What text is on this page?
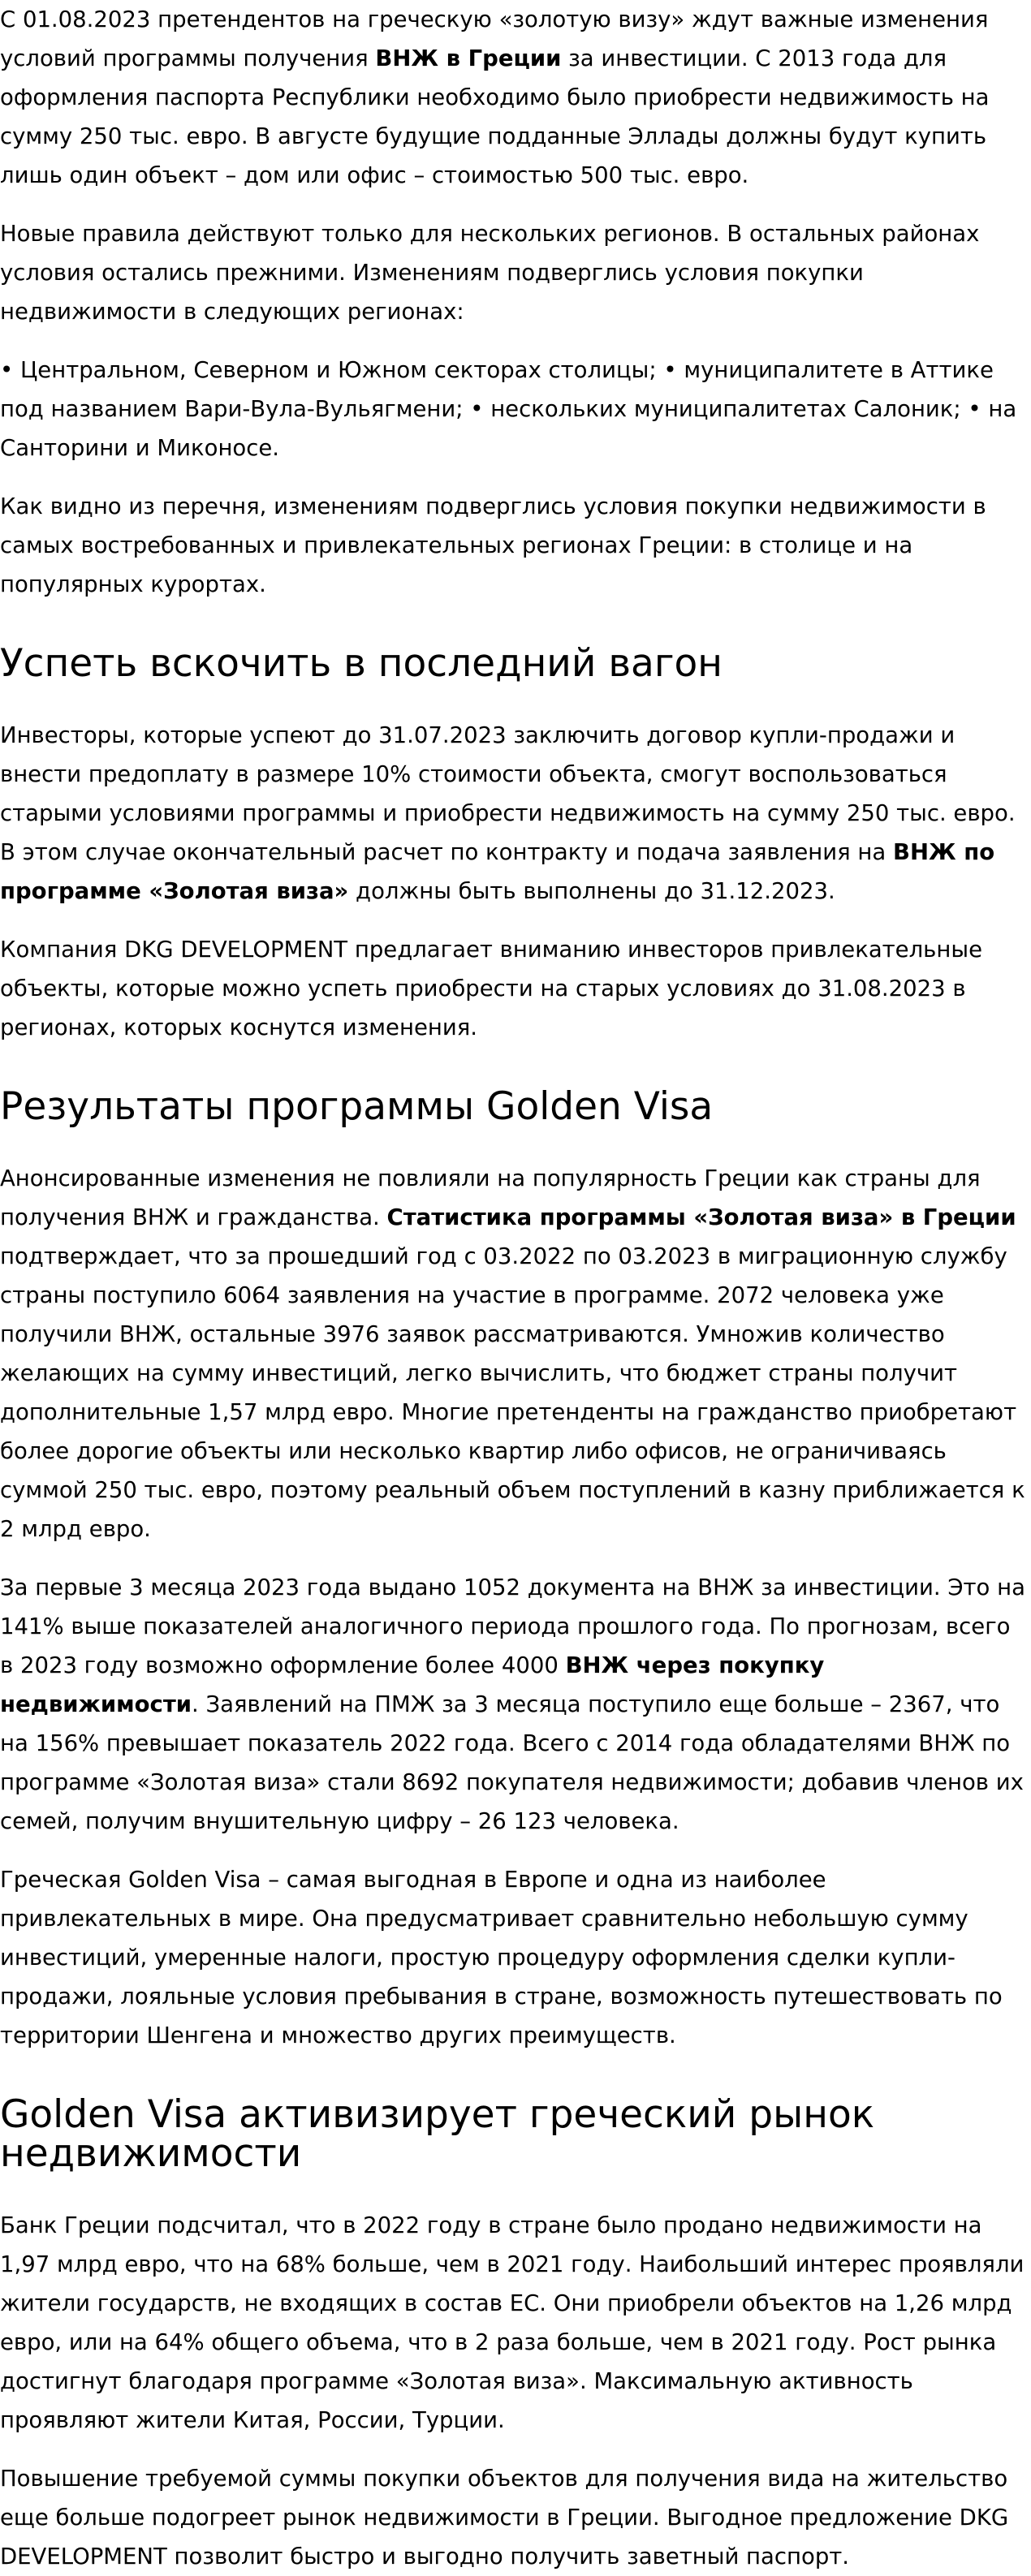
С 01.08.2023 претендентов на греческую «золотую визу» ждут важные изменения условий программы получения ВНЖ в Греции за инвестиции. С 2013 года для оформления паспорта Республики необходимо было приобрести недвижимость на сумму 250 тыс. евро. В августе будущие подданные Эллады должны будут купить лишь один объект – дом или офис – стоимостью 500 тыс. евро.

Новые правила действуют только для нескольких регионов. В остальных районах условия остались прежними. Изменениям подверглись условия покупки недвижимости в следующих регионах:

• Центральном, Северном и Южном секторах столицы; • муниципалитете в Аттике под названием Вари-Вула-Вульягмени; • нескольких муниципалитетах Салоник; • на Санторини и Миконосе.

Как видно из перечня, изменениям подверглись условия покупки недвижимости в самых востребованных и привлекательных регионах Греции: в столице и на популярных курортах.

Успеть вскочить в последний вагон

Инвесторы, которые успеют до 31.07.2023 заключить договор купли-продажи и внести предоплату в размере 10% стоимости объекта, смогут воспользоваться старыми условиями программы и приобрести недвижимость на сумму 250 тыс. евро. В этом случае окончательный расчет по контракту и подача заявления на ВНЖ по программе «Золотая виза» должны быть выполнены до 31.12.2023.

Компания DKG DEVELOPMENT предлагает вниманию инвесторов привлекательные объекты, которые можно успеть приобрести на старых условиях до 31.08.2023 в регионах, которых коснутся изменения.

Результаты программы Golden Visa

Анонсированные изменения не повлияли на популярность Греции как страны для получения ВНЖ и гражданства. Статистика программы «Золотая виза» в Греции подтверждает, что за прошедший год с 03.2022 по 03.2023 в миграционную службу страны поступило 6064 заявления на участие в программе. 2072 человека уже получили ВНЖ, остальные 3976 заявок рассматриваются. Умножив количество желающих на сумму инвестиций, легко вычислить, что бюджет страны получит дополнительные 1,57 млрд евро. Многие претенденты на гражданство приобретают более дорогие объекты или несколько квартир либо офисов, не ограничиваясь суммой 250 тыс. евро, поэтому реальный объем поступлений в казну приближается к 2 млрд евро.

За первые 3 месяца 2023 года выдано 1052 документа на ВНЖ за инвестиции. Это на 141% выше показателей аналогичного периода прошлого года. По прогнозам, всего в 2023 году возможно оформление более 4000 ВНЖ через покупку недвижимости. Заявлений на ПМЖ за 3 месяца поступило еще больше – 2367, что на 156% превышает показатель 2022 года. Всего с 2014 года обладателями ВНЖ по программе «Золотая виза» стали 8692 покупателя недвижимости; добавив членов их семей, получим внушительную цифру – 26 123 человека.

Греческая Golden Visa – самая выгодная в Европе и одна из наиболее привлекательных в мире. Она предусматривает сравнительно небольшую сумму инвестиций, умеренные налоги, простую процедуру оформления сделки купли-продажи, лояльные условия пребывания в стране, возможность путешествовать по территории Шенгена и множество других преимуществ.

Golden Visa активизирует греческий рынок недвижимости

Банк Греции подсчитал, что в 2022 году в стране было продано недвижимости на 1,97 млрд евро, что на 68% больше, чем в 2021 году. Наибольший интерес проявляли жители государств, не входящих в состав ЕС. Они приобрели объектов на 1,26 млрд евро, или на 64% общего объема, что в 2 раза больше, чем в 2021 году. Рост рынка достигнут благодаря программе «Золотая виза». Максимальную активность проявляют жители Китая, России, Турции.

Повышение требуемой суммы покупки объектов для получения вида на жительство еще больше подогреет рынок недвижимости в Греции. Выгодное предложение DKG DEVELOPMENT позволит быстро и выгодно получить заветный паспорт.
